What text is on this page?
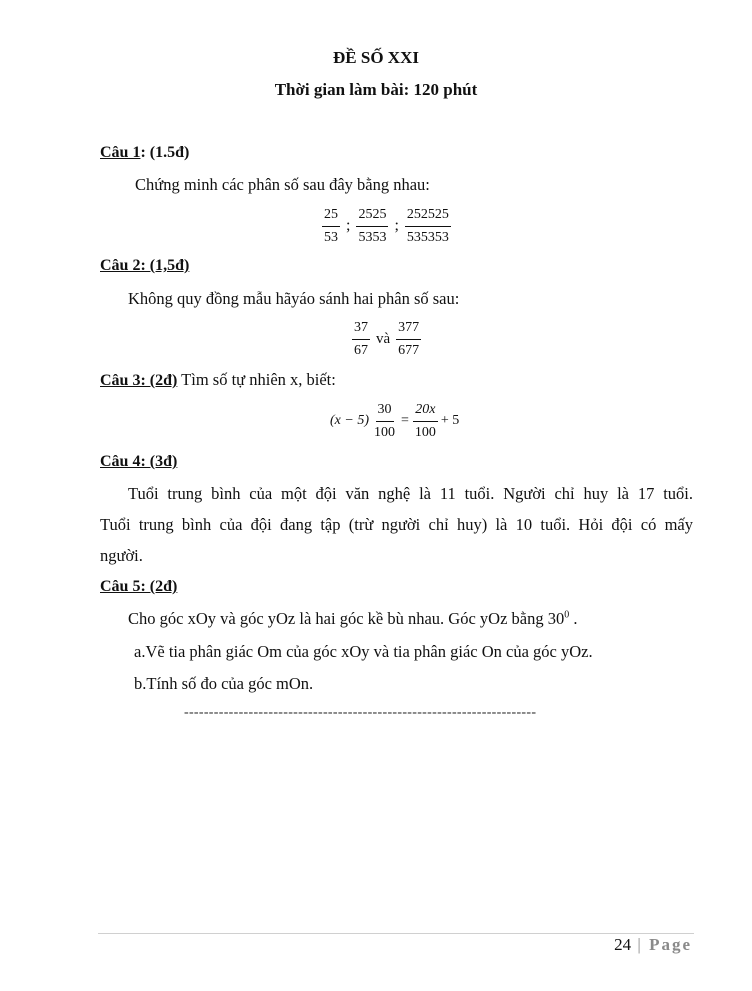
ĐỀ SỐ XXI
Thời gian làm bài: 120 phút
Câu 1: (1.5đ)
Chứng minh các phân số sau đây bằng nhau:
$\frac{25}{53}$ ; $\frac{2525}{5353}$ ; $\frac{252525}{535353}$
Câu 2: (1,5đ)
Không quy đồng mẫu hãyáo sánh hai phân số sau:
$\frac{37}{67}$ và $\frac{377}{677}$
Câu 3: (2đ) Tìm số tự nhiên x, biết:
$(x - 5) \frac{30}{100} = \frac{20x}{100} + 5$
Câu 4: (3đ)
Tuổi trung bình của một đội văn nghệ là 11 tuổi. Người chỉ huy là 17 tuổi.
Tuổi trung bình của đội đang tập (trừ người chỉ huy) là 10 tuổi. Hỏi đội có mấy
người.
Câu 5: (2đ)
Cho góc xOy và góc yOz là hai góc kề bù nhau. Góc yOz bằng $30^0$ .
a.Vẽ tia phân giác Om của góc xOy và tia phân giác On của góc yOz.
b.Tính số đo của góc mOn.
-----------------------------------------------------------------------
24 | Page
